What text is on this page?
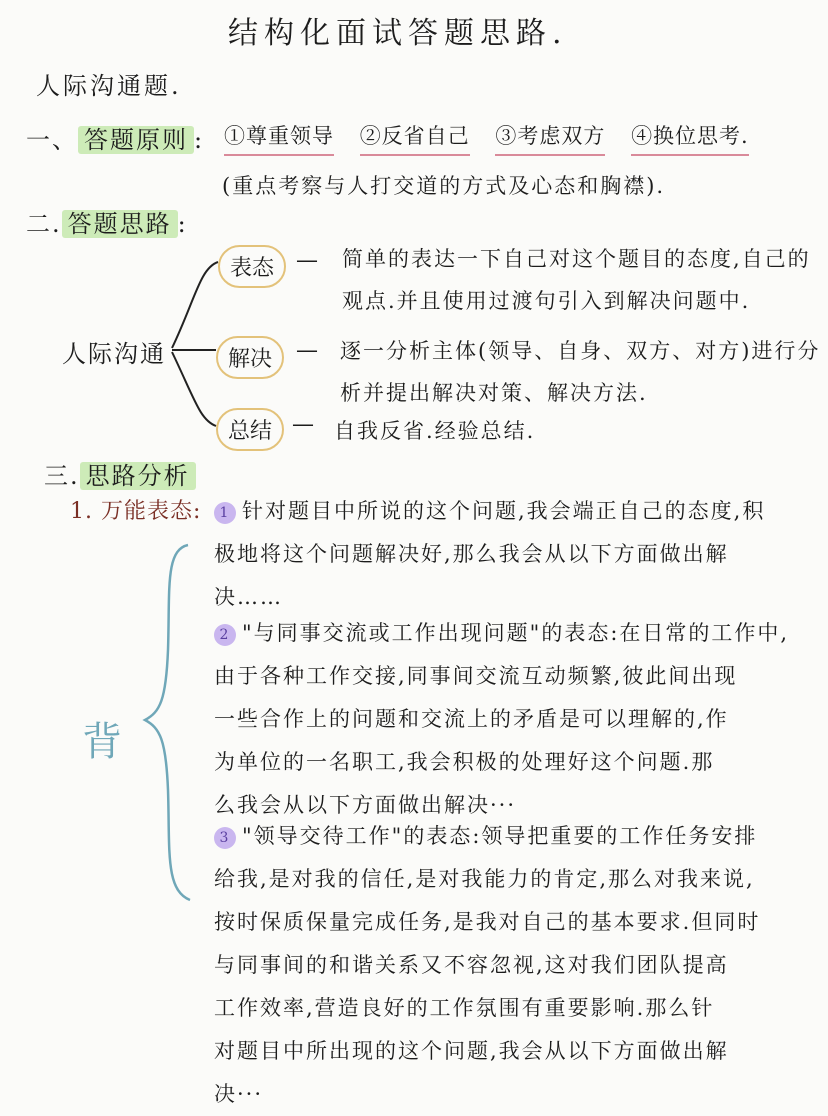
结构化面试答题思路.
人际沟通题.
一、 答题原则 : ①尊重领导 ②反省自己 ③考虑双方 ④换位思考.
(重点考察与人打交道的方式及心态和胸襟).
二. 答题思路 :
人际沟通
表态 — 简单的表达一下自己对这个题目的态度,自己的
观点.并且使用过渡句引入到解决问题中.
解决	— 逐一分析主体(领导、自身、双方、对方)进行分
析并提出解决对策、解决方法.
总结 — 自我反省.经验总结.
三. 思路分析
1. 万能表态:
背
1 针对题目中所说的这个问题,我会端正自己的态度,积
极地将这个问题解决好,那么我会从以下方面做出解
决……
2 "与同事交流或工作出现问题"的表态:在日常的工作中,
由于各种工作交接,同事间交流互动频繁,彼此间出现
一些合作上的问题和交流上的矛盾是可以理解的,作
为单位的一名职工,我会积极的处理好这个问题.那
么我会从以下方面做出解决···
3 "领导交待工作"的表态:领导把重要的工作任务安排
给我,是对我的信任,是对我能力的肯定,那么对我来说,
按时保质保量完成任务,是我对自己的基本要求.但同时
与同事间的和谐关系又不容忽视,这对我们团队提高
工作效率,营造良好的工作氛围有重要影响.那么针
对题目中所出现的这个问题,我会从以下方面做出解
决···
